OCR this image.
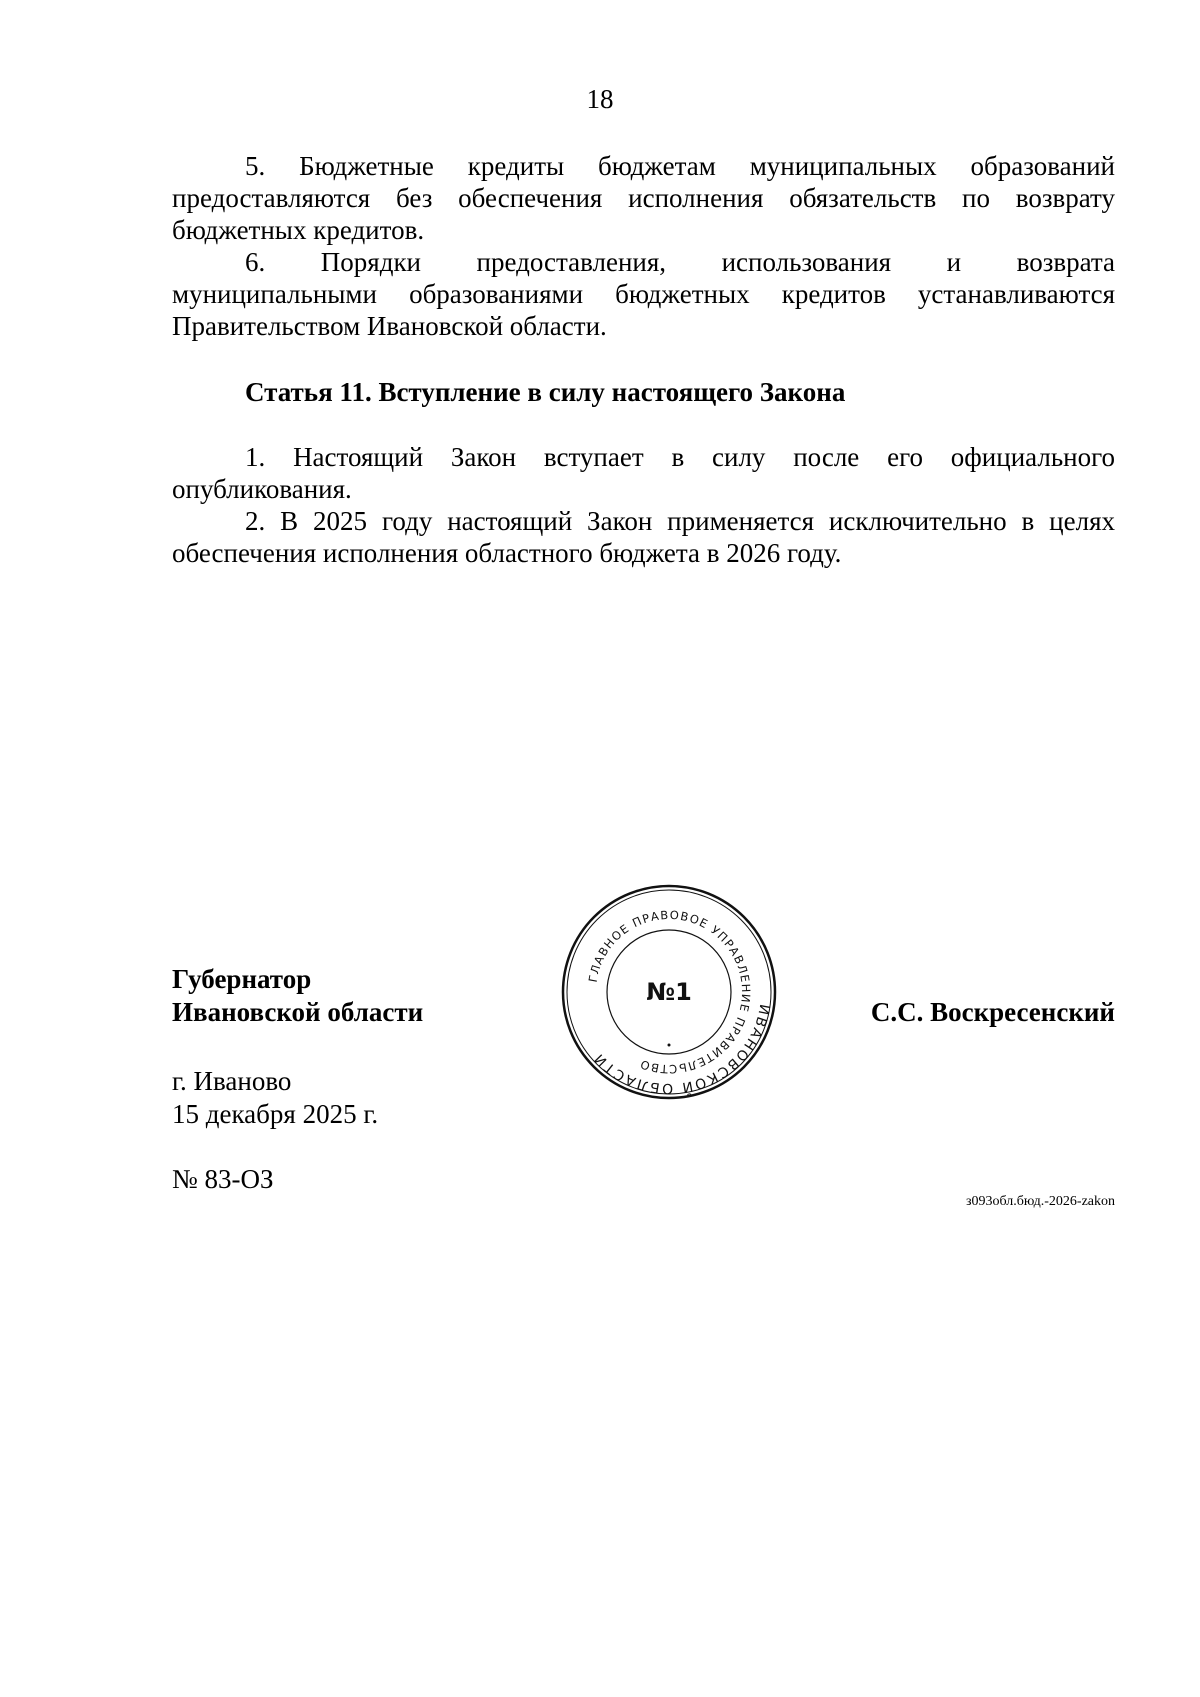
18
5. Бюджетные кредиты бюджетам муниципальных образований
предоставляются без обеспечения исполнения обязательств по возврату
бюджетных кредитов.
6. Порядки предоставления, использования и возврата
муниципальными образованиями бюджетных кредитов устанавливаются
Правительством Ивановской области.
Статья 11. Вступление в силу настоящего Закона
1. Настоящий Закон вступает в силу после его официального
опубликования.
2. В 2025 году настоящий Закон применяется исключительно в целях
обеспечения исполнения областного бюджета в 2026 году.
Губернатор
Ивановской области	С.С. Воскресенский
ИВАНОВСКОЙ ОБЛАСТИ
ГЛАВНОЕ ПРАВОВОЕ УПРАВЛЕНИЕ ПРАВИТЕЛЬСТВО
№1
г. Иваново
15 декабря 2025 г.
№ 83-ОЗ
з093обл.бюд.-2026-zakon
